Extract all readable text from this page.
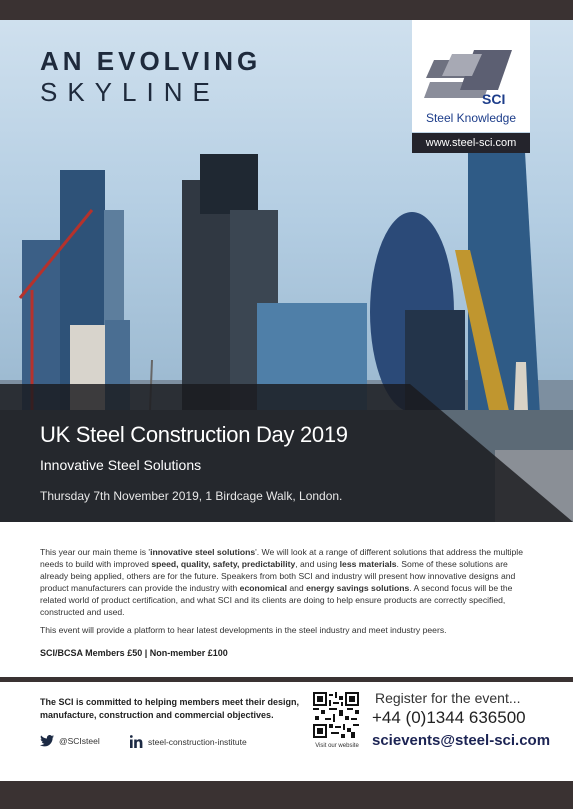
AN EVOLVING
SKYLINE	SCI
Steel Knowledge
www.steel-sci.com
UK Steel Construction Day 2019
Innovative Steel Solutions
Thursday 7th November 2019, 1 Birdcage Walk, London.

This year our main theme is 'innovative steel solutions'. We will look at a range of different solutions that address the multiple needs to build with improved speed, quality, safety, predictability, and using less materials. Some of these solutions are already being applied, others are for the future. Speakers from both SCI and industry will present how innovative designs and product manufacturers can provide the industry with economical and energy savings solutions. A second focus will be the related world of product certification, and what SCI and its clients are doing to help ensure products are correctly specified, constructed and used.

This event will provide a platform to hear latest developments in the steel industry and meet industry peers.

SCI/BCSA Members £50 | Non-member £100
The SCI is committed to helping members meet their design, manufacture, construction and commercial objectives.
@SCIsteel	steel-construction-institute	Visit our website
Register for the event...
+44 (0)1344 636500
scievents@steel-sci.com
